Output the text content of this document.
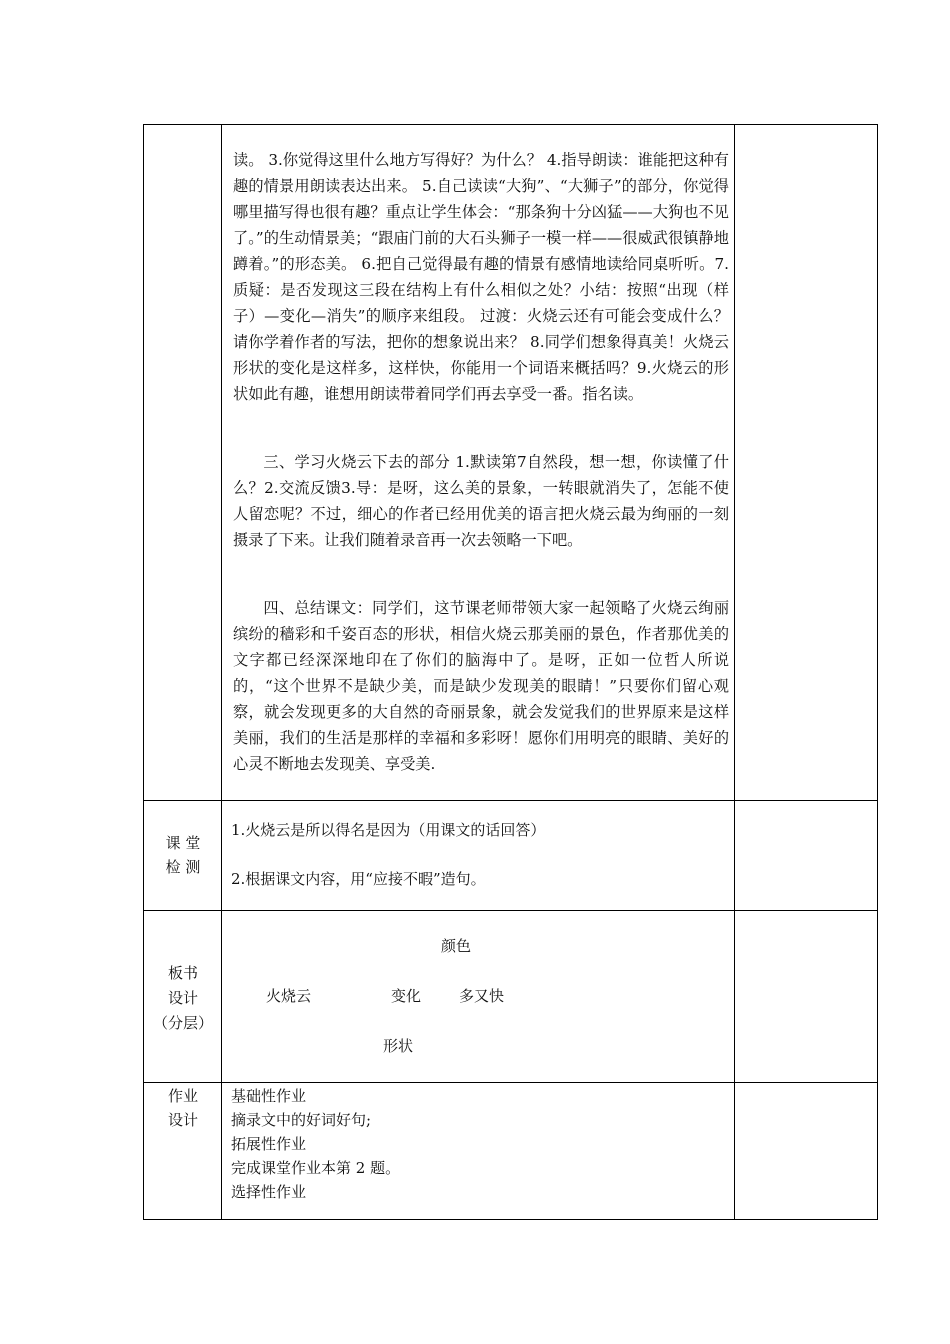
读。 3.你觉得这里什么地方写得好？为什么？ 4.指导朗读：谁能把这种有趣的情景用朗读表达出来。 5.自己读读“大狗”、“大狮子”的部分，你觉得哪里描写得也很有趣？重点让学生体会：“那条狗十分凶猛——大狗也不见了。”的生动情景美；“跟庙门前的大石头狮子一模一样——很威武很镇静地蹲着。”的形态美。 6.把自己觉得最有趣的情景有感情地读给同桌听听。7.质疑：是否发现这三段在结构上有什么相似之处？小结：按照“出现（样子）—变化—消失”的顺序来组段。 过渡：火烧云还有可能会变成什么？请你学着作者的写法，把你的想象说出来？ 8.同学们想象得真美！火烧云形状的变化是这样多，这样快，你能用一个词语来概括吗？9.火烧云的形状如此有趣，谁想用朗读带着同学们再去享受一番。指名读。
三、学习火烧云下去的部分 1.默读第7自然段，想一想，你读懂了什么？2.交流反馈3.导：是呀，这么美的景象，一转眼就消失了，怎能不使人留恋呢？不过，细心的作者已经用优美的语言把火烧云最为绚丽的一刻摄录了下来。让我们随着录音再一次去领略一下吧。
四、总结课文：同学们，这节课老师带领大家一起领略了火烧云绚丽缤纷的穑彩和千姿百态的形状，相信火烧云那美丽的景色，作者那优美的文字都已经深深地印在了你们的脑海中了。是呀，正如一位哲人所说的，“这个世界不是缺少美，而是缺少发现美的眼睛！”只要你们留心观察，就会发现更多的大自然的奇丽景象，就会发觉我们的世界原来是这样美丽，我们的生活是那样的幸福和多彩呀！愿你们用明亮的眼睛、美好的心灵不断地去发现美、享受美.
课 堂
检 测
1.火烧云是所以得名是因为（用课文的话回答）
2.根据课文内容，用“应接不暇”造句。
板书
设计
（分层）
颜色
火烧云	变化	多又快
形状
作业
设计
基础性作业
摘录文中的好词好句;
拓展性作业
完成课堂作业本第 2 题。
选择性作业
